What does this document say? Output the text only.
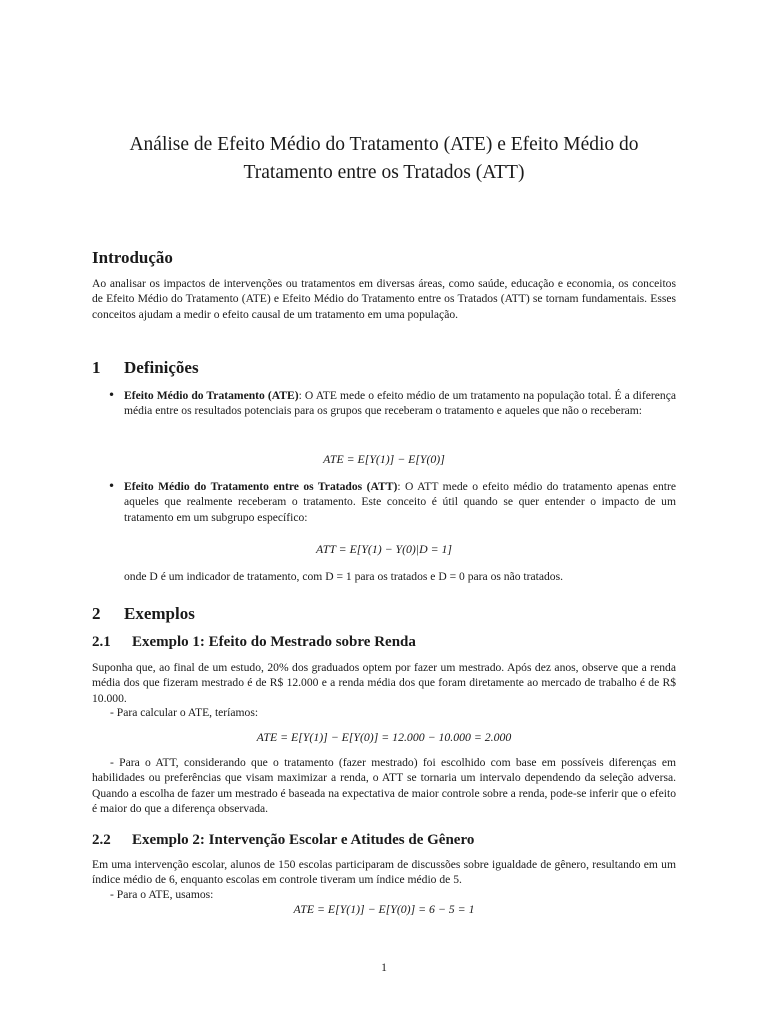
Análise de Efeito Médio do Tratamento (ATE) e Efeito Médio do
Tratamento entre os Tratados (ATT)
Introdução
Ao analisar os impactos de intervenções ou tratamentos em diversas áreas, como saúde, educação e economia, os conceitos de Efeito Médio do Tratamento (ATE) e Efeito Médio do Tratamento entre os Tratados (ATT) se tornam fundamentais. Esses conceitos ajudam a medir o efeito causal de um tratamento em uma população.
1 Definições
• Efeito Médio do Tratamento (ATE): O ATE mede o efeito médio de um tratamento na população total. É a diferença média entre os resultados potenciais para os grupos que receberam o tratamento e aqueles que não o receberam:
ATE = E[Y(1)] − E[Y(0)]
• Efeito Médio do Tratamento entre os Tratados (ATT): O ATT mede o efeito médio do tratamento apenas entre aqueles que realmente receberam o tratamento. Este conceito é útil quando se quer entender o impacto de um tratamento em um subgrupo específico:
ATT = E[Y(1) − Y(0)|D = 1]
onde D é um indicador de tratamento, com D = 1 para os tratados e D = 0 para os não tratados.
2 Exemplos
2.1 Exemplo 1: Efeito do Mestrado sobre Renda
Suponha que, ao final de um estudo, 20% dos graduados optem por fazer um mestrado. Após dez anos, observe que a renda média dos que fizeram mestrado é de R$ 12.000 e a renda média dos que foram diretamente ao mercado de trabalho é de R$ 10.000.
- Para calcular o ATE, teríamos:
ATE = E[Y(1)] − E[Y(0)] = 12.000 − 10.000 = 2.000
- Para o ATT, considerando que o tratamento (fazer mestrado) foi escolhido com base em possíveis diferenças em habilidades ou preferências que visam maximizar a renda, o ATT se tornaria um intervalo dependendo da seleção adversa. Quando a escolha de fazer um mestrado é baseada na expectativa de maior controle sobre a renda, pode-se inferir que o efeito é maior do que a diferença observada.
2.2 Exemplo 2: Intervenção Escolar e Atitudes de Gênero
Em uma intervenção escolar, alunos de 150 escolas participaram de discussões sobre igualdade de gênero, resultando em um índice médio de 6, enquanto escolas em controle tiveram um índice médio de 5.
- Para o ATE, usamos:
ATE = E[Y(1)] − E[Y(0)] = 6 − 5 = 1
1
